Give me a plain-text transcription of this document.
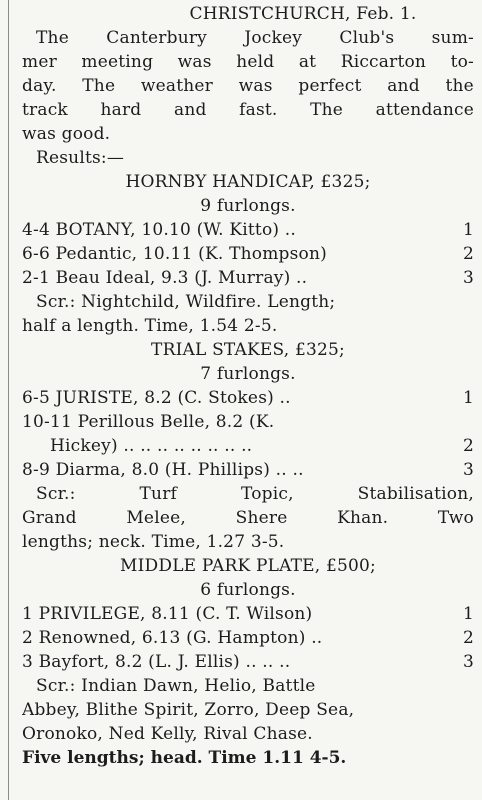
CHRISTCHURCH, Feb. 1.
The Canterbury Jockey Club's sum-
mer meeting was held at Riccarton to-
day. The weather was perfect and the
track hard and fast. The attendance
was good.
Results:—
HORNBY HANDICAP, £325;
9 furlongs.
4-4 BOTANY, 10.10 (W. Kitto) ..	1
6-6 Pedantic, 10.11 (K. Thompson)	2
2-1 Beau Ideal, 9.3 (J. Murray) ..	3
Scr.: Nightchild, Wildfire. Length;
half a length. Time, 1.54 2-5.
TRIAL STAKES, £325;
7 furlongs.
6-5 JURISTE, 8.2 (C. Stokes) ..	1
10-11 Perillous Belle, 8.2 (K.
Hickey) .. .. .. .. .. .. .. ..	2
8-9 Diarma, 8.0 (H. Phillips) .. ..	3
Scr.:	Turf	Topic,	Stabilisation,
Grand	Melee,	Shere	Khan.	Two
lengths; neck. Time, 1.27 3-5.
MIDDLE PARK PLATE, £500;
6 furlongs.
1 PRIVILEGE, 8.11 (C. T. Wilson)	1
2 Renowned, 6.13 (G. Hampton) ..	2
3 Bayfort, 8.2 (L. J. Ellis) .. .. ..	3
Scr.: Indian Dawn, Helio, Battle
Abbey, Blithe Spirit, Zorro, Deep Sea,
Oronoko, Ned Kelly, Rival Chase.
Five lengths; head. Time 1.11 4-5.
